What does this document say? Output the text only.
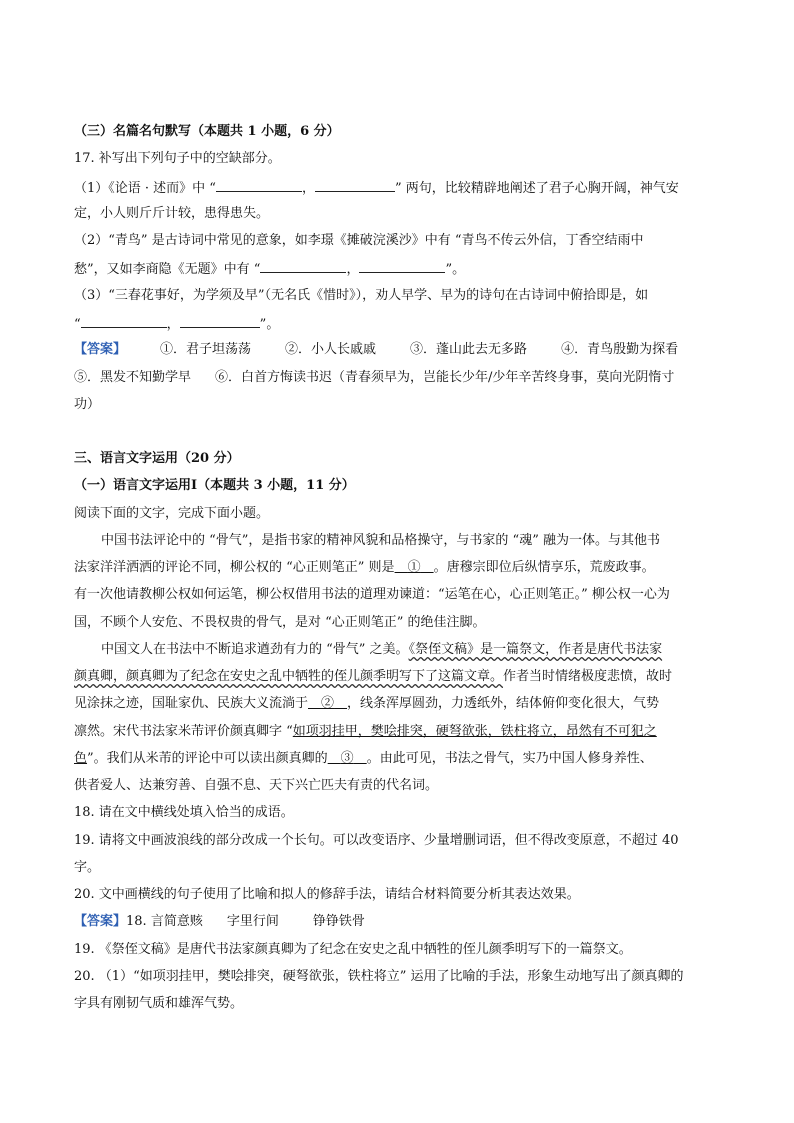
（三）名篇名句默写（本题共 1 小题，6 分）
17. 补写出下列句子中的空缺部分。
（1）《论语 · 述而》中 “	，	” 两句，比较精辟地阐述了君子心胸开阔，神气安
定，小人则斤斤计较，患得患失。
（2）“青鸟” 是古诗词中常见的意象，如李璟《摊破浣溪沙》中有 “青鸟不传云外信，丁香空结雨中
愁”，又如李商隐《无题》中有 “	，	”。
（3）“三春花事好，为学须及早”（无名氏《惜时》），劝人早学、早为的诗句在古诗词中俯拾即是，如
“	，	”。
【答案】	①．君子坦荡荡	②．小人长戚戚	③．蓬山此去无多路	④．青鸟殷勤为探看
⑤．黑发不知勤学早 ⑥．白首方悔读书迟（青春须早为，岂能长少年/少年辛苦终身事，莫向光阴惰寸
功）
三、语言文字运用（20 分）
（一）语言文字运用Ⅰ（本题共 3 小题，11 分）
阅读下面的文字，完成下面小题。
中国书法评论中的 “骨气”，是指书家的精神风貌和品格操守，与书家的 “魂” 融为一体。与其他书
法家洋洋洒洒的评论不同，柳公权的 “心正则笔正” 则是   ①   。唐穆宗即位后纵情享乐，荒废政事。
有一次他请教柳公权如何运笔，柳公权借用书法的道理劝谏道：“运笔在心，心正则笔正。” 柳公权一心为
国，不顾个人安危、不畏权贵的骨气，是对 “心正则笔正” 的绝佳注脚。
中国文人在书法中不断追求遒劲有力的 “骨气” 之美。《祭侄文稿》是一篇祭文，作者是唐代书法家
颜真卿，颜真卿为了纪念在安史之乱中牺牲的侄儿颜季明写下了这篇文章。作者当时情绪极度悲愤，故时
见涂抹之迹，国耻家仇、民族大义流淌于   ②   ，线条浑厚圆劲，力透纸外，结体俯仰变化很大，气势
凛然。宋代书法家米芾评价颜真卿字 “如项羽挂甲，樊哙排突，硬弩欲张，铁柱将立，昂然有不可犯之
色”。我们从米芾的评论中可以读出颜真卿的   ③   。由此可见，书法之骨气，实乃中国人修身养性、
供者爱人、达兼穷善、自强不息、天下兴亡匹夫有责的代名词。
18. 请在文中横线处填入恰当的成语。
19. 请将文中画波浪线的部分改成一个长句。可以改变语序、少量增删词语，但不得改变原意，不超过 40
字。
20. 文中画横线的句子使用了比喻和拟人的修辞手法，请结合材料简要分析其表达效果。
【答案】18. 言简意赅 字里行间	铮铮铁骨
19. 《祭侄文稿》是唐代书法家颜真卿为了纪念在安史之乱中牺牲的侄儿颜季明写下的一篇祭文。
20. （1）“如项羽挂甲，樊哙排突，硬弩欲张，铁柱将立” 运用了比喻的手法，形象生动地写出了颜真卿的
字具有刚韧气质和雄浑气势。
